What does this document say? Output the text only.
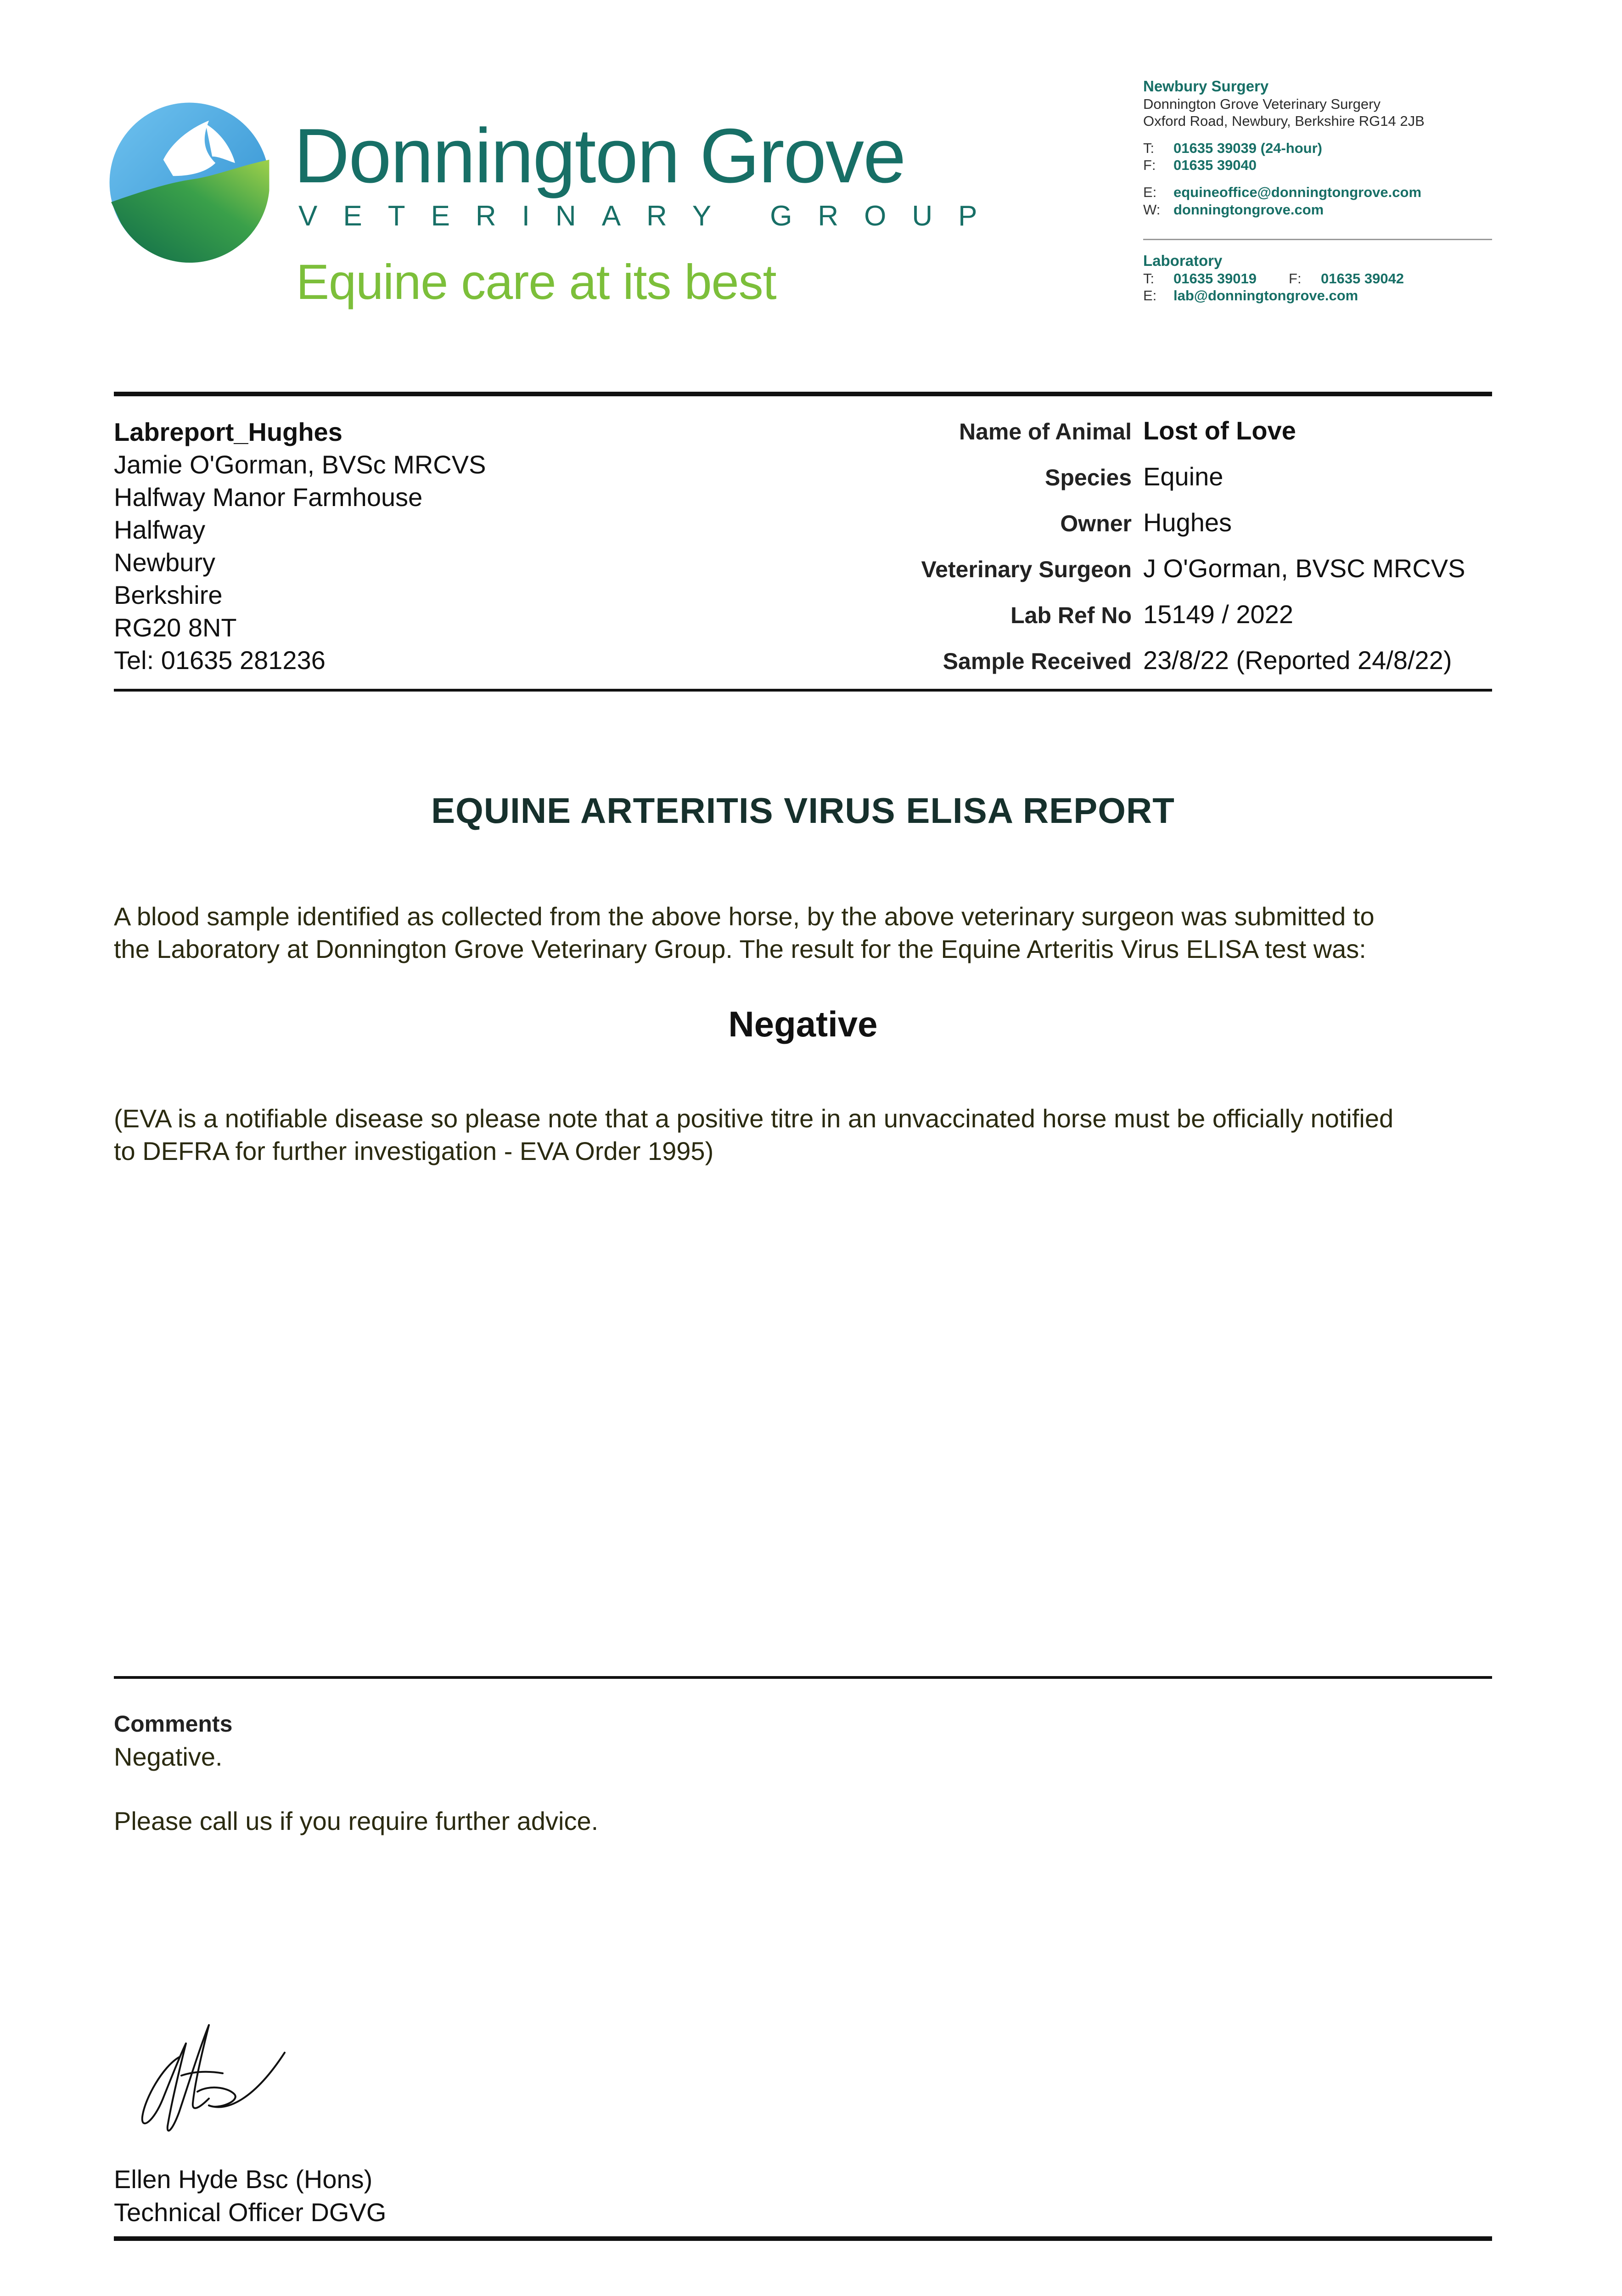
Donnington Grove
VETERINARY GROUP
Equine care at its best
Newbury Surgery
Donnington Grove Veterinary Surgery
Oxford Road, Newbury, Berkshire RG14 2JB
T:	01635 39039 (24-hour)
F:	01635 39040
E:	equineoffice@donningtongrove.com
W: donningtongrove.com
Laboratory
T:	01635 39019 F:	01635 39042
E:	lab@donningtongrove.com
Labreport_Hughes
Jamie O'Gorman, BVSc MRCVS
Halfway Manor Farmhouse
Halfway
Newbury
Berkshire
RG20 8NT
Tel: 01635 281236
Name of Animal Lost of Love
Species Equine
Owner Hughes
Veterinary Surgeon J O'Gorman, BVSC MRCVS
Lab Ref No 15149 / 2022
Sample Received 23/8/22 (Reported 24/8/22)
EQUINE ARTERITIS VIRUS ELISA REPORT
A blood sample identified as collected from the above horse, by the above veterinary surgeon was submitted to
the Laboratory at Donnington Grove Veterinary Group. The result for the Equine Arteritis Virus ELISA test was:
Negative
(EVA is a notifiable disease so please note that a positive titre in an unvaccinated horse must be officially notified
to DEFRA for further investigation - EVA Order 1995)
Comments
Negative.
Please call us if you require further advice.
Ellen Hyde Bsc (Hons)
Technical Officer DGVG
